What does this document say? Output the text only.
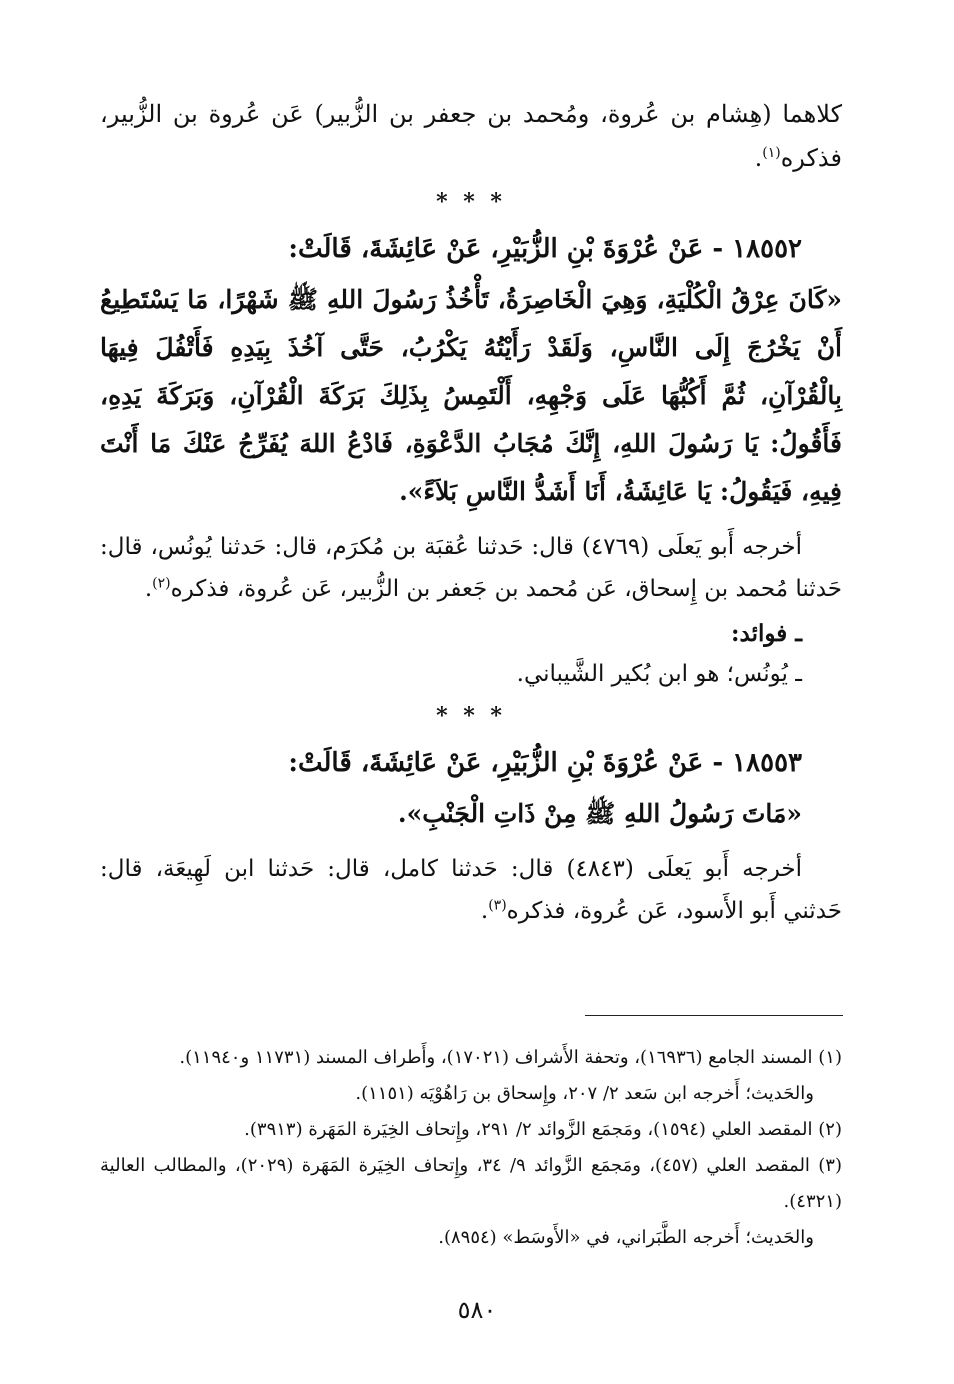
كلاهما (هِشام بن عُروة، ومُحمد بن جعفر بن الزُّبير) عَن عُروة بن الزُّبير، فذكره$^{(١)}$.

* * *
١٨٥٥٢ - عَنْ عُرْوَةَ بْنِ الزُّبَيْرِ، عَنْ عَائِشَةَ، قَالَتْ:

«كَانَ عِرْقُ الْكُلْيَةِ، وَهِيَ الْخَاصِرَةُ، تَأْخُذُ رَسُولَ اللهِ ﷺ شَهْرًا، مَا يَسْتَطِيعُ أَنْ يَخْرُجَ إِلَى النَّاسِ، وَلَقَدْ رَأَيْتُهُ يَكْرُبُ، حَتَّى آخُذَ بِيَدِهِ فَأَتْفُلَ فِيهَا بِالْقُرْآنِ، ثُمَّ أَكُبُّهَا عَلَى وَجْهِهِ، أَلْتَمِسُ بِذَلِكَ بَرَكَةَ الْقُرْآنِ، وَبَرَكَةَ يَدِهِ، فَأَقُولُ: يَا رَسُولَ اللهِ، إِنَّكَ مُجَابُ الدَّعْوَةِ، فَادْعُ اللهَ يُفَرِّجُ عَنْكَ مَا أَنْتَ فِيهِ، فَيَقُولُ: يَا عَائِشَةُ، أَنَا أَشَدُّ النَّاسِ بَلاَءً».

أخرجه أَبو يَعلَى (٤٧٦٩) قال: حَدثنا عُقبَة بن مُكرَم، قال: حَدثنا يُونُس، قال: حَدثنا مُحمد بن إِسحاق، عَن مُحمد بن جَعفر بن الزُّبير، عَن عُروة، فذكره$^{(٢)}$.

ـ فوائد:
ـ يُونُس؛ هو ابن بُكير الشَّيباني.
* * *
١٨٥٥٣ - عَنْ عُرْوَةَ بْنِ الزُّبَيْرِ، عَنْ عَائِشَةَ، قَالَتْ:

«مَاتَ رَسُولُ اللهِ ﷺ مِنْ ذَاتِ الْجَنْبِ».

أخرجه أَبو يَعلَى (٤٨٤٣) قال: حَدثنا كامل، قال: حَدثنا ابن لَهِيعَة، قال: حَدثني أَبو الأَسود، عَن عُروة، فذكره$^{(٣)}$.

(١) المسند الجامع (١٦٩٣٦)، وتحفة الأَشراف (١٧٠٢١)، وأَطراف المسند (١١٧٣١ و١١٩٤٠).

والحَديث؛ أَخرجه ابن سَعد ٢/ ٢٠٧، وإِسحاق بن رَاهُوْيَه (١١٥١).

(٢) المقصد العلي (١٥٩٤)، ومَجمَع الزَّوائد ٢/ ٢٩١، وإِتحاف الخِيَرة المَهَرة (٣٩١٣).

(٣) المقصد العلي (٤٥٧)، ومَجمَع الزَّوائد ٩/ ٣٤، وإِتحاف الخِيَرة المَهَرة (٢٠٢٩)، والمطالب العالية (٤٣٢١).

والحَديث؛ أَخرجه الطَّبَراني، في «الأَوسَط» (٨٩٥٤).

٥٨٠
